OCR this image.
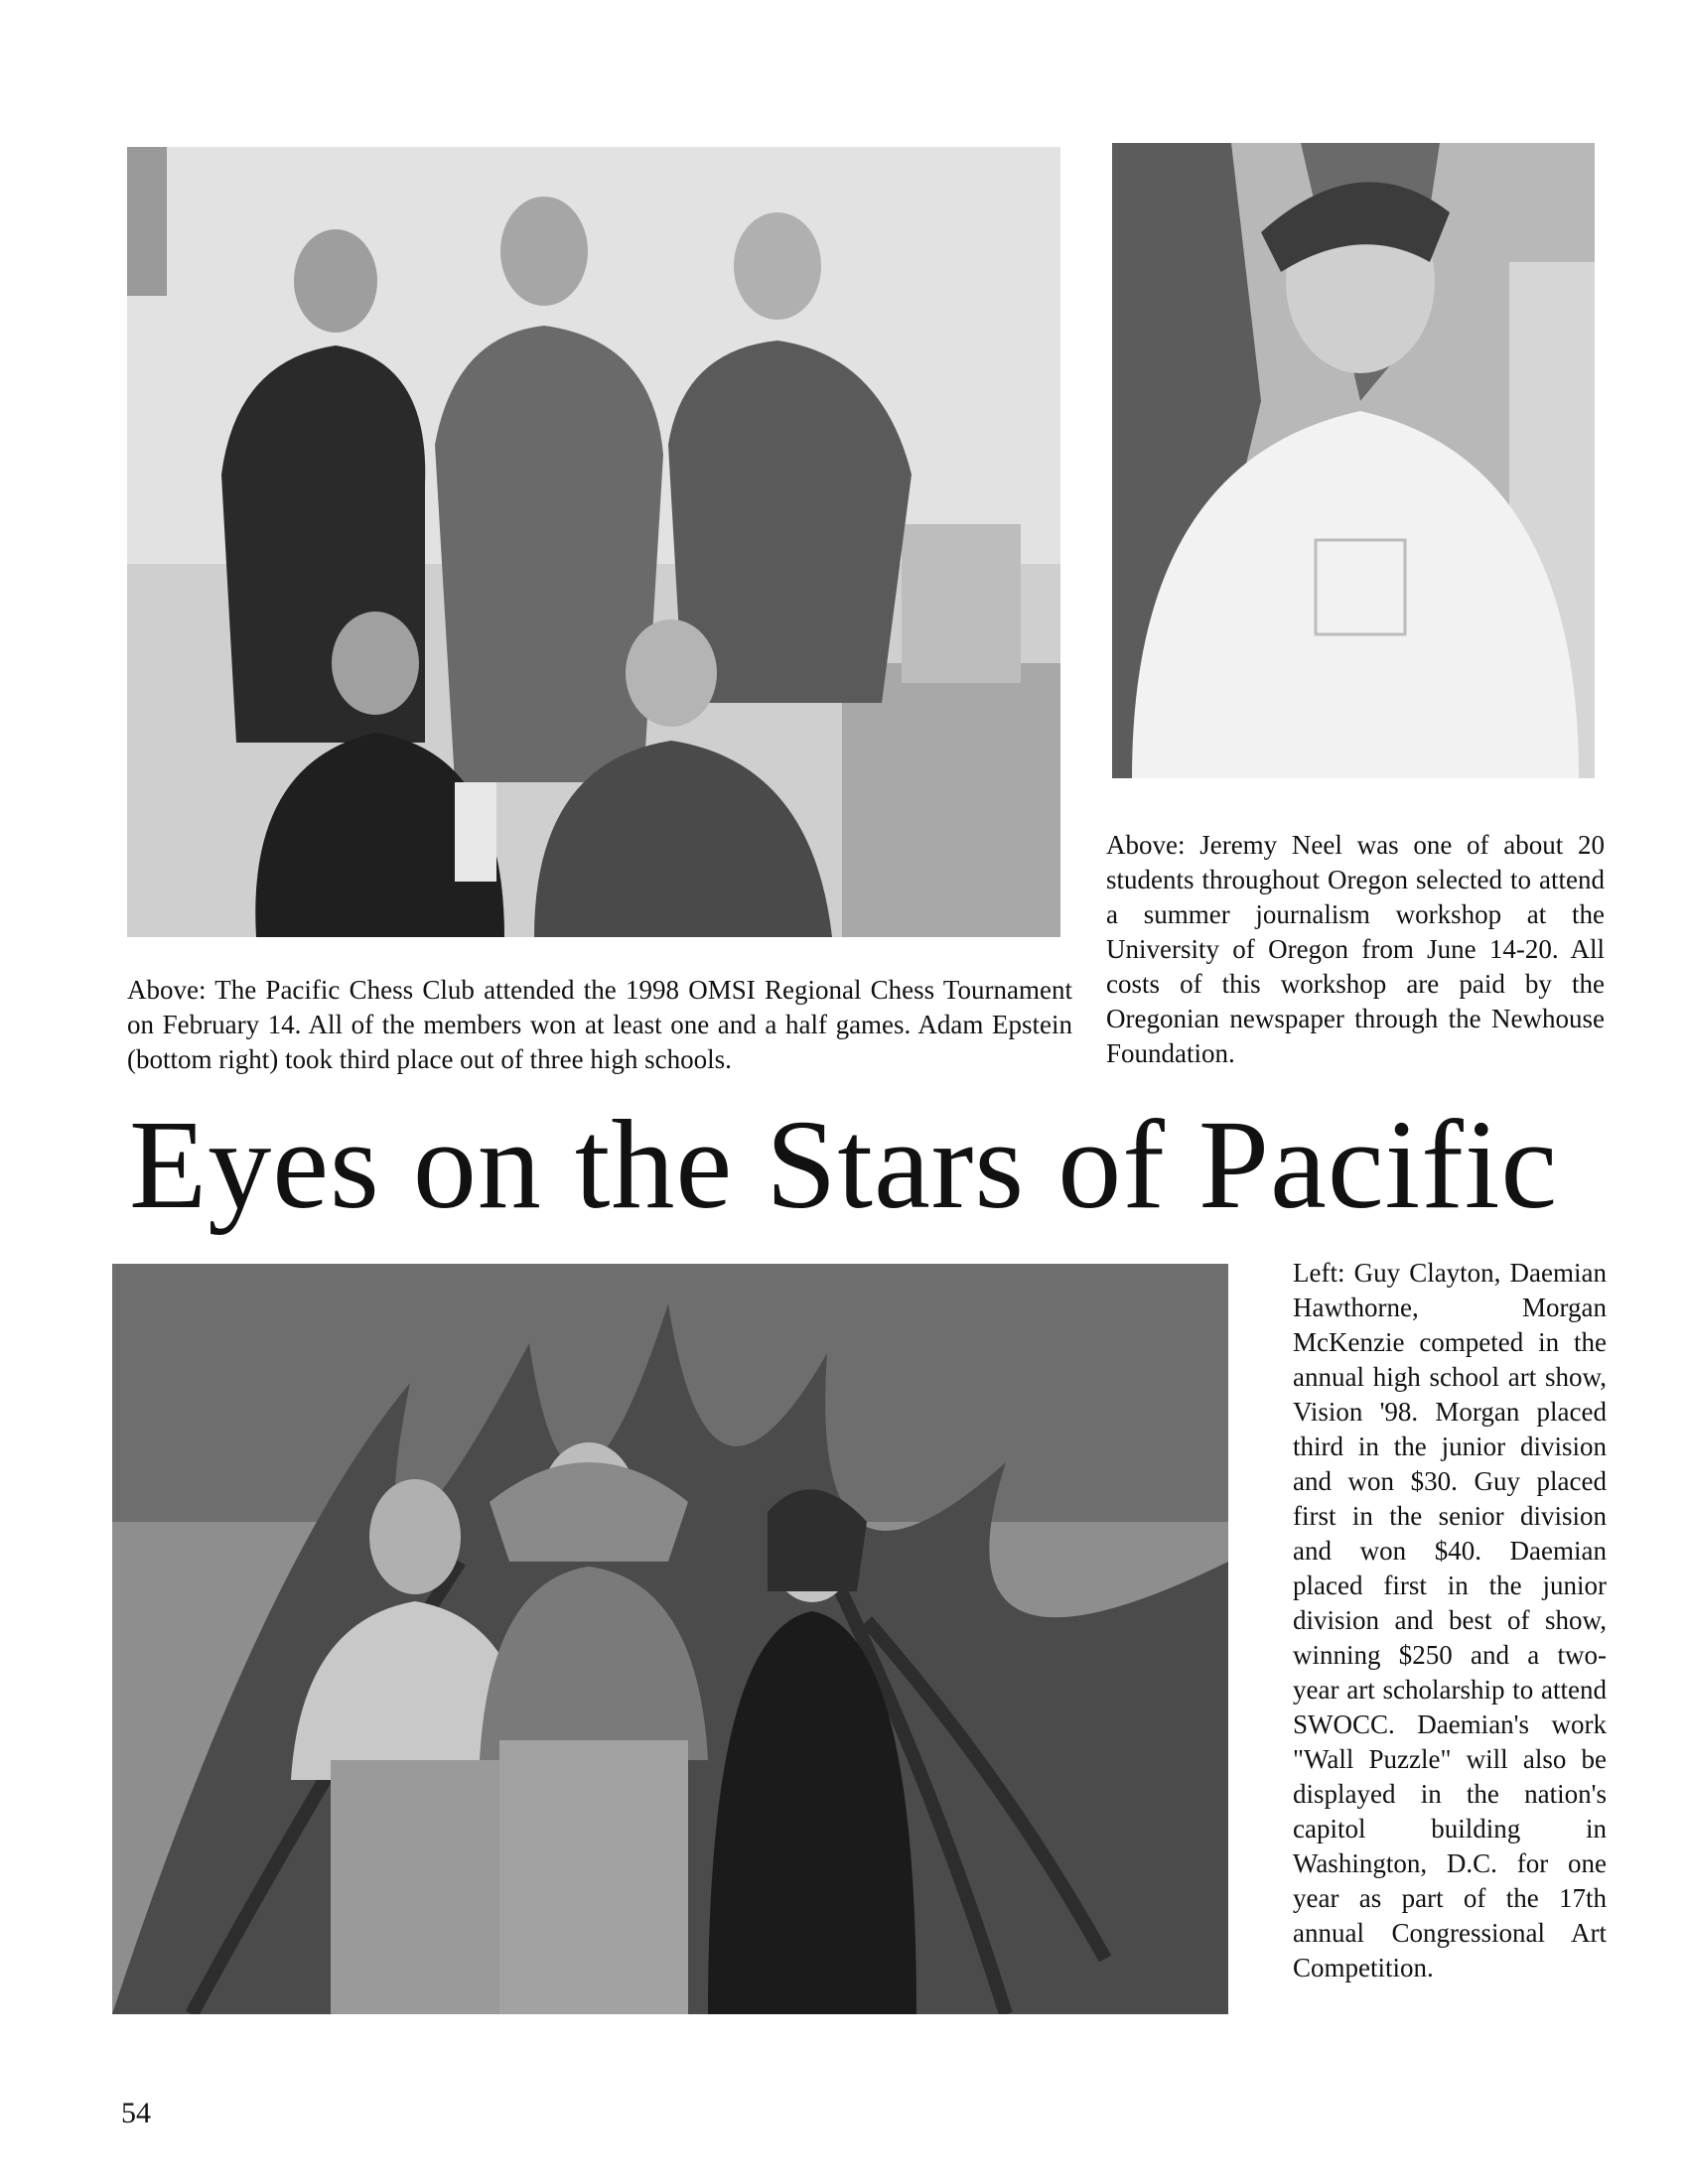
Above: The Pacific Chess Club attended the 1998 OMSI Regional Chess Tournament on February 14. All of the members won at least one and a half games. Adam Epstein (bottom right) took third place out of three high schools.
Above: Jeremy Neel was one of about 20 students throughout Oregon selected to attend a summer journalism workshop at the University of Oregon from June 14-20. All costs of this workshop are paid by the Oregonian newspaper through the Newhouse Foundation.
Eyes on the Stars of Pacific
Left: Guy Clayton, Daemian Hawthorne, Morgan McKenzie competed in the annual high school art show, Vision '98. Morgan placed third in the junior division and won $30. Guy placed first in the senior division and won $40. Daemian placed first in the junior division and best of show, winning $250 and a two-year art scholarship to attend SWOCC. Daemian's work "Wall Puzzle" will also be displayed in the nation's capitol building in Washington, D.C. for one year as part of the 17th annual Congressional Art Competition.
54
